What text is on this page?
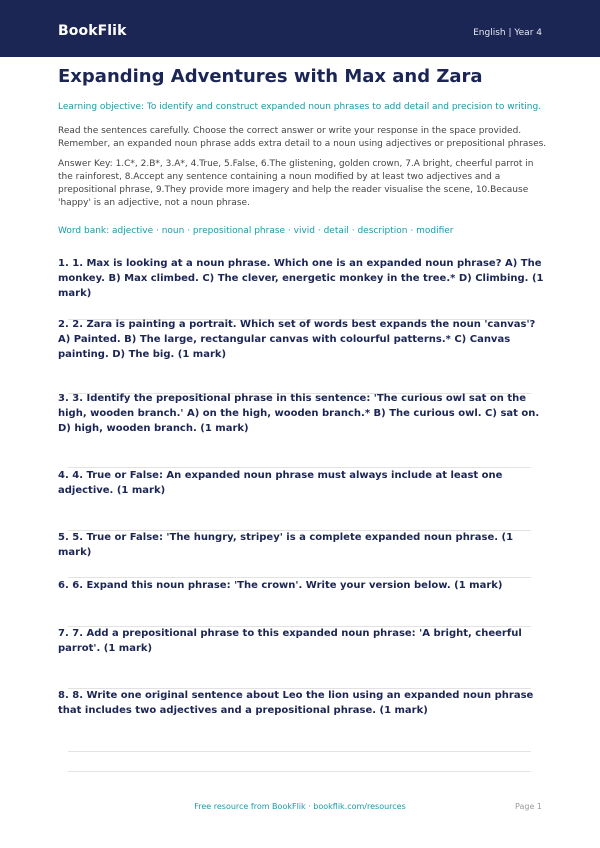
BookFlik	English | Year 4
Expanding Adventures with Max and Zara
Learning objective: To identify and construct expanded noun phrases to add detail and precision to writing.
Read the sentences carefully. Choose the correct answer or write your response in the space provided. Remember, an expanded noun phrase adds extra detail to a noun using adjectives or prepositional phrases.
Answer Key: 1.C*, 2.B*, 3.A*, 4.True, 5.False, 6.The glistening, golden crown, 7.A bright, cheerful parrot in the rainforest, 8.Accept any sentence containing a noun modified by at least two adjectives and a prepositional phrase, 9.They provide more imagery and help the reader visualise the scene, 10.Because 'happy' is an adjective, not a noun phrase.
Word bank: adjective · noun · prepositional phrase · vivid · detail · description · modifier
1. 1. Max is looking at a noun phrase. Which one is an expanded noun phrase? A) The monkey. B) Max climbed. C) The clever, energetic monkey in the tree.* D) Climbing. (1 mark)
2. 2. Zara is painting a portrait. Which set of words best expands the noun 'canvas'? A) Painted. B) The large, rectangular canvas with colourful patterns.* C) Canvas painting. D) The big. (1 mark)
3. 3. Identify the prepositional phrase in this sentence: 'The curious owl sat on the high, wooden branch.' A) on the high, wooden branch.* B) The curious owl. C) sat on. D) high, wooden branch. (1 mark)
4. 4. True or False: An expanded noun phrase must always include at least one adjective. (1 mark)
5. 5. True or False: 'The hungry, stripey' is a complete expanded noun phrase. (1 mark)
6. 6. Expand this noun phrase: 'The crown'. Write your version below. (1 mark)
7. 7. Add a prepositional phrase to this expanded noun phrase: 'A bright, cheerful parrot'. (1 mark)
8. 8. Write one original sentence about Leo the lion using an expanded noun phrase that includes two adjectives and a prepositional phrase. (1 mark)
Free resource from BookFlik · bookflik.com/resources	Page 1
